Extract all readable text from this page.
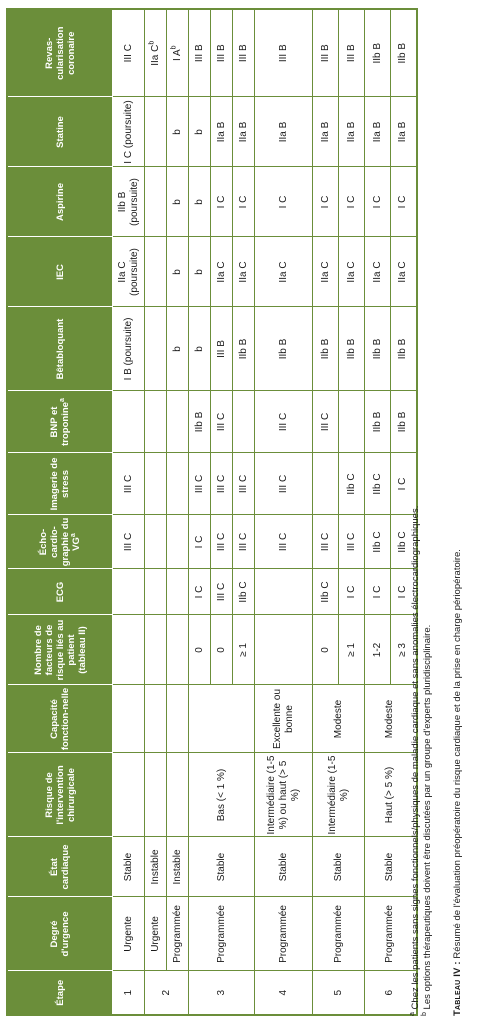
Étape	Degré d'urgence	État cardiaque	Risque de l'intervention chirurgicale	Capacité fonction-nelle	Nombre de facteurs de risque liés au patient (tableau II)	ECG	Écho-cardio-graphie du $VG^a$	Imagerie de stress	BNP et troponine$^a$	Bêtabloquant	IEC	Aspirine	Statine	Revas-cularisation coronaire
1	Urgente	Stable					III C	III C		I B (poursuite)	IIa C (poursuite)	IIb B (poursuite)	I C (poursuite)	III C
2	Urgente	Instable												IIa $C^b$
	Programmée	Instable								b	b	b	b	I $A^b$
3	Programmée	Stable	Bas (< 1 %)		0	I C	I C	III C	IIb B	b	b	b	b	III B
					0	III C	III C	III C	III C	III B	IIa C	I C	IIa B	III B
					≥ 1	IIb C	III C	III C		IIb B	IIa C	I C	IIa B	III B
4	Programmée	Stable	Intermédiaire (1-5 %) ou haut (> 5 %)	Excellente ou bonne			III C	III C	III C	IIb B	IIa C	I C	IIa B	III B
5	Programmée	Stable	Intermédiaire (1-5 %)	Modeste	0	IIb C	III C		III C	IIb B	IIa C	I C	IIa B	III B
					≥ 1	I C	III C	IIb C		IIb B	IIa C	I C	IIa B	III B
6	Programmée	Stable	Haut (> 5 %)	Modeste	1-2	I C	IIb C	IIb C	IIb B	IIb B	IIa C	I C	IIa B	IIb B
					≥ 3	I C	IIb C	I C	IIb B	IIb B	IIa C	I C	IIa B	IIb B

$^a$ Chez les patients sans signes fonctionnels/physiques de maladie cardiaque et sans anomalies électrocardiographiques.

$^b$ Les options thérapeutiques doivent être discutées par un groupe d'experts pluridisciplinaire. Tableau IV : Résumé de l'évaluation préopératoire du risque cardiaque et de la prise en charge périopératoire.
